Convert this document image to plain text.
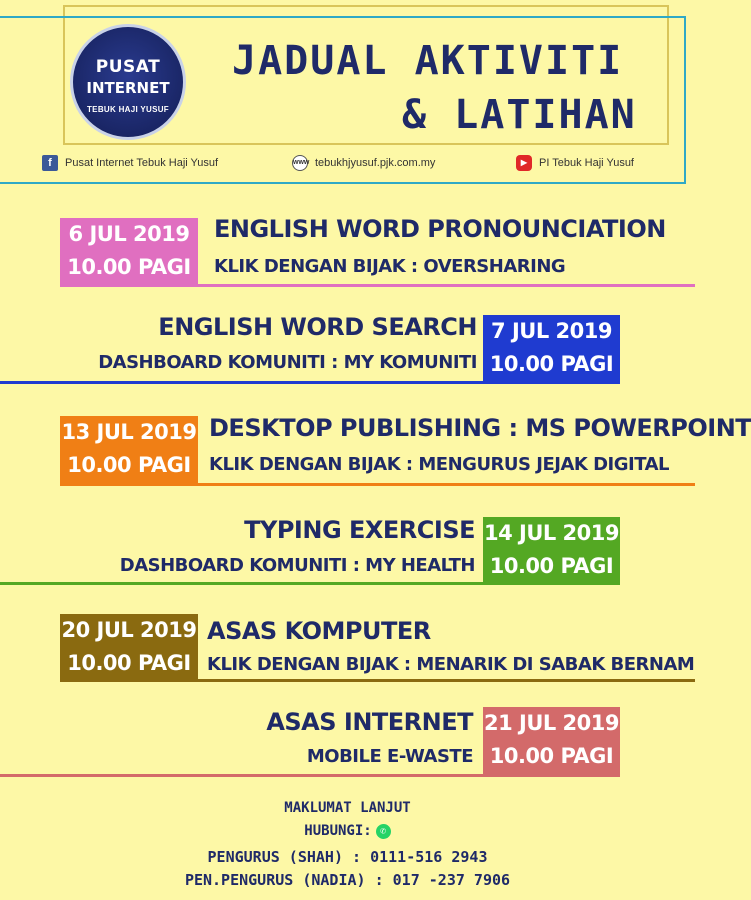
PUSAT
INTERNET
TEBUK HAJI YUSUF
JADUAL AKTIVITI
& LATIHAN
f	Pusat Internet Tebuk Haji Yusuf	www tebukhjyusuf.pjk.com.my	▶	PI Tebuk Haji Yusuf
6 JUL 2019
10.00 PAGI
ENGLISH WORD PRONOUNCIATION
KLIK DENGAN BIJAK : OVERSHARING
7 JUL 2019
10.00 PAGI
ENGLISH WORD SEARCH
DASHBOARD KOMUNITI : MY KOMUNITI
13 JUL 2019
10.00 PAGI
DESKTOP PUBLISHING : MS POWERPOINT
KLIK DENGAN BIJAK : MENGURUS JEJAK DIGITAL
14 JUL 2019
10.00 PAGI
TYPING EXERCISE
DASHBOARD KOMUNITI : MY HEALTH
20 JUL 2019
10.00 PAGI
ASAS KOMPUTER
KLIK DENGAN BIJAK : MENARIK DI SABAK BERNAM
21 JUL 2019
10.00 PAGI
ASAS INTERNET
MOBILE E-WASTE
MAKLUMAT LANJUT
HUBUNGI: ✆
PENGURUS (SHAH) : 0111-516 2943
PEN.PENGURUS (NADIA) : 017 -237 7906
